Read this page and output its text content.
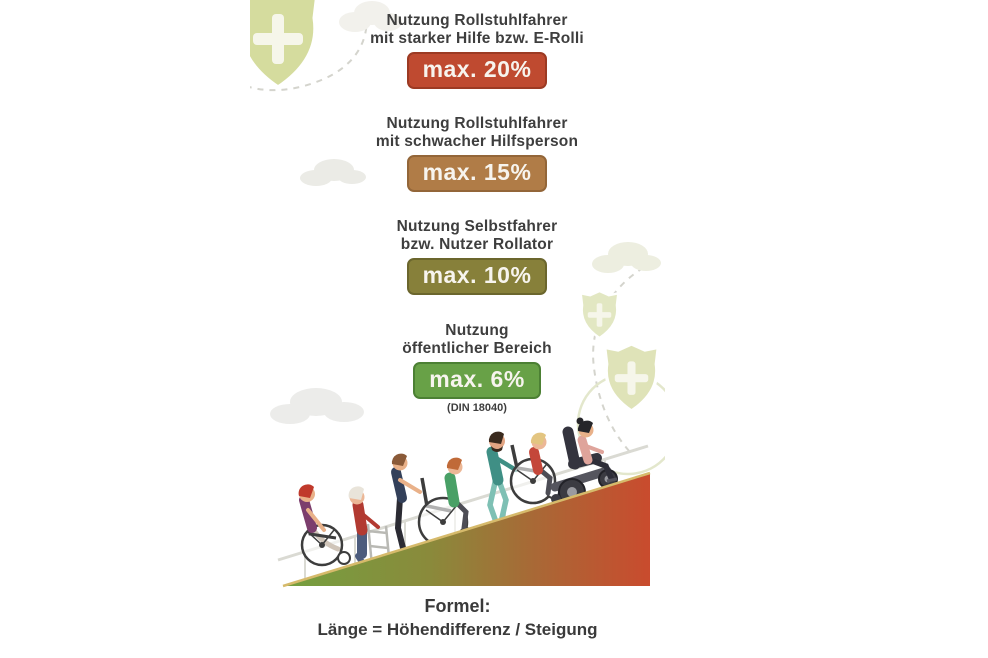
Nutzung Rollstuhlfahrer
mit starker Hilfe bzw. E-Rolli
max. 20%
Nutzung Rollstuhlfahrer
mit schwacher Hilfsperson
max. 15%
Nutzung Selbstfahrer
bzw. Nutzer Rollator
max. 10%
Nutzung
öffentlicher Bereich
max. 6%
(DIN 18040)
Formel:
Länge = Höhendifferenz / Steigung
